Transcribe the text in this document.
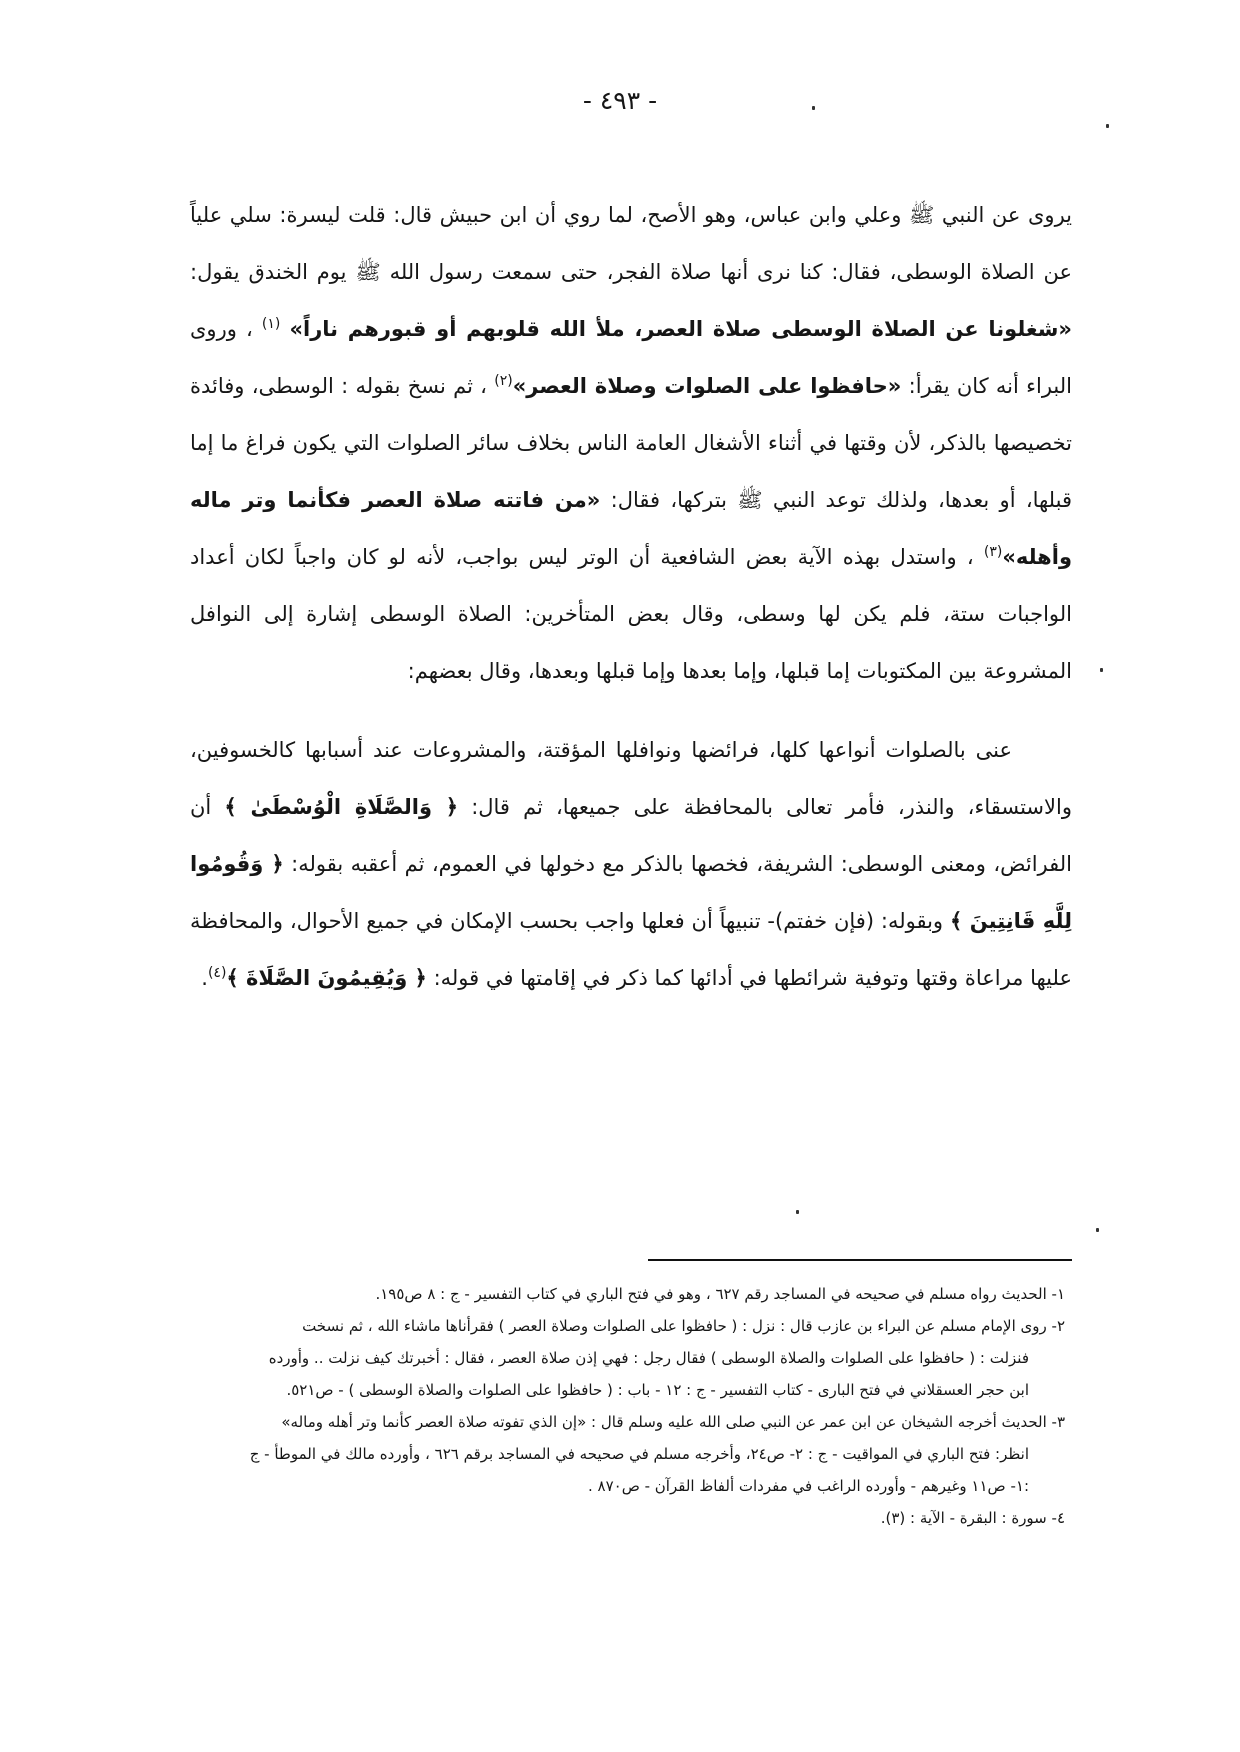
- ٤٩٣ -

يروى عن النبي ﷺ وعلي وابن عباس، وهو الأصح، لما روي أن ابن حبيش قال: قلت ليسرة: سلي علياً عن الصلاة الوسطى، فقال: كنا نرى أنها صلاة الفجر، حتى سمعت رسول الله ﷺ يوم الخندق يقول: «شغلونا عن الصلاة الوسطى صلاة العصر، ملأ الله قلوبهم أو قبورهم ناراً» $^{(١)}$ ، وروى البراء أنه كان يقرأ: «حافظوا على الصلوات وصلاة العصر»$^{(٢)}$ ، ثم نسخ بقوله : الوسطى، وفائدة تخصيصها بالذكر، لأن وقتها في أثناء الأشغال العامة الناس بخلاف سائر الصلوات التي يكون فراغ ما إما قبلها، أو بعدها، ولذلك توعد النبي ﷺ بتركها، فقال: «من فاتته صلاة العصر فكأنما وتر ماله وأهله»$^{(٣)}$ ، واستدل بهذه الآية بعض الشافعية أن الوتر ليس بواجب، لأنه لو كان واجباً لكان أعداد الواجبات ستة، فلم يكن لها وسطى، وقال بعض المتأخرين: الصلاة الوسطى إشارة إلى النوافل المشروعة بين المكتوبات إما قبلها، وإما بعدها وإما قبلها وبعدها، وقال بعضهم:

عنى بالصلوات أنواعها كلها، فرائضها ونوافلها المؤقتة، والمشروعات عند أسبابها كالخسوفين، والاستسقاء، والنذر، فأمر تعالى بالمحافظة على جميعها، ثم قال: ﴿ وَالصَّلَاةِ الْوُسْطَىٰ ﴾ أن الفرائض، ومعنى الوسطى: الشريفة، فخصها بالذكر مع دخولها في العموم، ثم أعقبه بقوله: ﴿ وَقُومُوا لِلَّهِ قَانِتِينَ ﴾ وبقوله: (فإن خفتم)- تنبيهاً أن فعلها واجب بحسب الإمكان في جميع الأحوال، والمحافظة عليها مراعاة وقتها وتوفية شرائطها في أدائها كما ذكر في إقامتها في قوله: ﴿ وَيُقِيمُونَ الصَّلَاةَ ﴾$^{(٤)}$.

١- الحديث رواه مسلم في صحيحه في المساجد رقم ٦٢٧ ، وهو في فتح الباري في كتاب التفسير - ج : ٨ ص١٩٥.

٢- روى الإمام مسلم عن البراء بن عازب قال : نزل : ( حافظوا على الصلوات وصلاة العصر ) فقرأناها ماشاء الله ، ثم نسخت

فنزلت : ( حافظوا على الصلوات والصلاة الوسطى ) فقال رجل : فهي إذن صلاة العصر ، فقال : أخبرتك كيف نزلت .. وأورده

ابن حجر العسقلاني في فتح البارى - كتاب التفسير - ج : ١٢ - باب : ( حافظوا على الصلوات والصلاة الوسطى ) - ص٥٢١.

٣- الحديث أخرجه الشيخان عن ابن عمر عن النبي صلى الله عليه وسلم قال : «إن الذي تفوته صلاة العصر كأنما وتر أهله وماله»

انظر: فتح الباري في المواقيت - ج : ٢- ص٢٤، وأخرجه مسلم في صحيحه في المساجد برقم ٦٢٦ ، وأورده مالك في الموطأ - ج

:١- ص١١ وغيرهم - وأورده الراغب في مفردات ألفاظ القرآن - ص٨٧٠ .

٤- سورة : البقرة - الآية : (٣).
